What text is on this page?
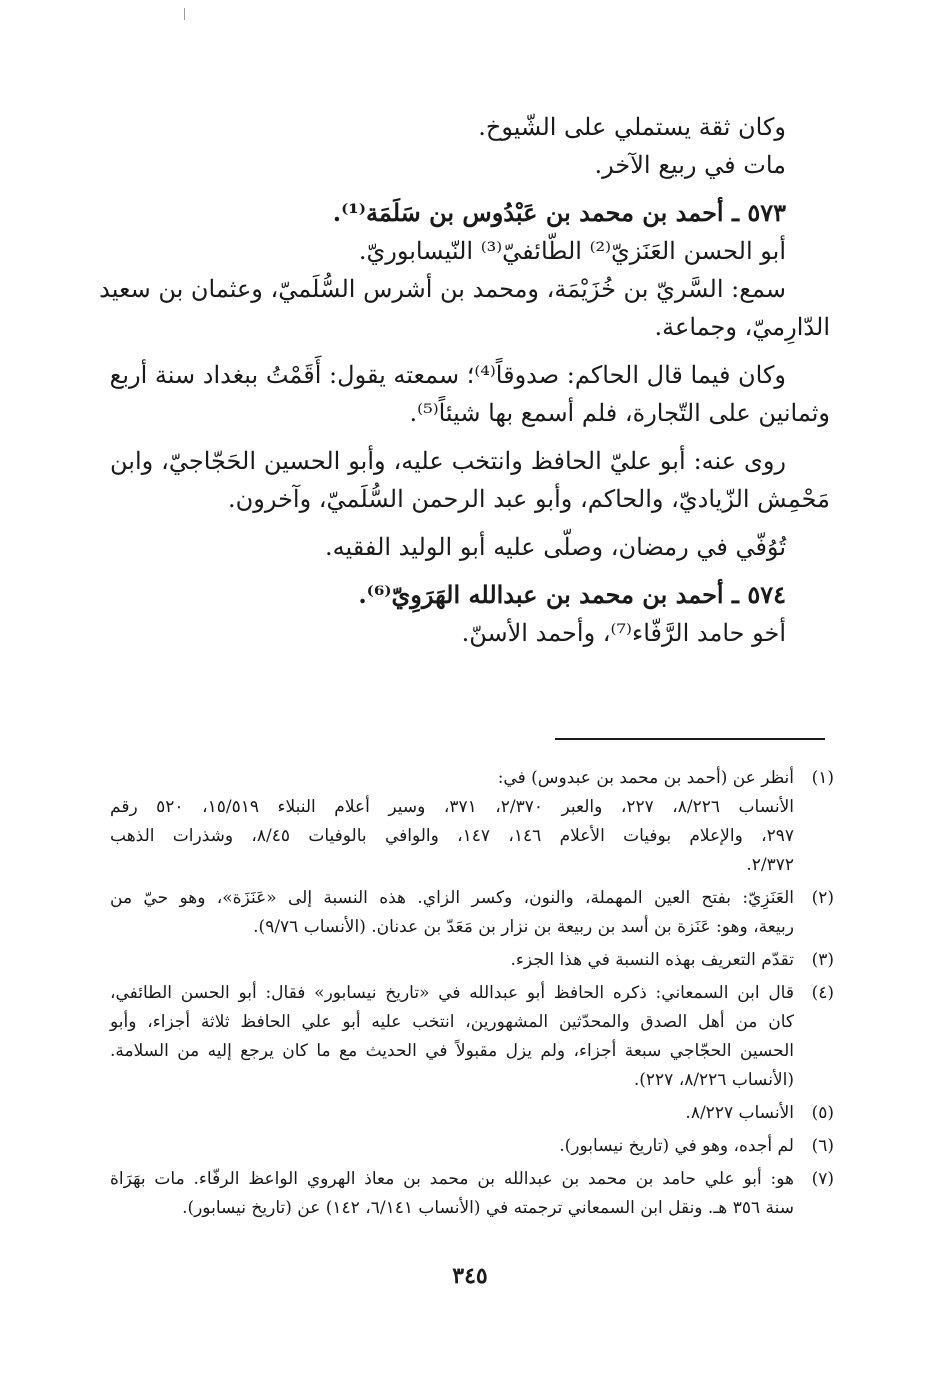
وكان ثقة يستملي على الشّيوخ.
مات في ربيع الآخر.
٥٧٣ ـ أحمد بن محمد بن عَبْدُوس بن سَلَمَة⁽¹⁾.
أبو الحسن العَنَزيّ⁽²⁾ الطّائفيّ⁽³⁾ النّيسابوريّ.
سمع: السَّريّ بن خُزَيْمَة، ومحمد بن أشرس السُّلَميّ، وعثمان بن سعيد
الدّارِميّ، وجماعة.
وكان فيما قال الحاكم: صدوقاً⁽⁴⁾؛ سمعته يقول: أَقَمْتُ ببغداد سنة أربع
وثمانين على التّجارة، فلم أسمع بها شيئاً⁽⁵⁾.
روى عنه: أبو عليّ الحافظ وانتخب عليه، وأبو الحسين الحَجّاجيّ، وابن
مَحْمِش الزّياديّ، والحاكم، وأبو عبد الرحمن السُّلَميّ، وآخرون.
تُوُفّي في رمضان، وصلّى عليه أبو الوليد الفقيه.
٥٧٤ ـ أحمد بن محمد بن عبدالله الهَرَوِيّ⁽⁶⁾.
أخو حامد الرَّفّاء⁽⁷⁾، وأحمد الأسنّ.
(١)
أنظر عن (أحمد بن محمد بن عبدوس) في:
الأنساب ٨/٢٢٦، ٢٢٧، والعبر ٢/٣٧٠، ٣٧١، وسير أعلام النبلاء ١٥/٥١٩، ٥٢٠ رقم
٢٩٧، والإعلام بوفيات الأعلام ١٤٦، ١٤٧، والوافي بالوفيات ٨/٤٥، وشذرات الذهب
٢/٣٧٢.
(٢)
العَنَزِيّ: بفتح العين المهملة، والنون، وكسر الزاي. هذه النسبة إلى «عَنَزَة»، وهو حيّ من
ربيعة، وهو: عَنَزة بن أسد بن ربيعة بن نزار بن مَعَدّ بن عدنان. (الأنساب ٩/٧٦).
(٣)
تقدّم التعريف بهذه النسبة في هذا الجزء.
(٤)
قال ابن السمعاني: ذكره الحافظ أبو عبدالله في «تاريخ نيسابور» فقال: أبو الحسن الطائفي،
كان من أهل الصدق والمحدّثين المشهورين، انتخب عليه أبو علي الحافظ ثلاثة أجزاء، وأبو
الحسين الحجّاجي سبعة أجزاء، ولم يزل مقبولاً في الحديث مع ما كان يرجع إليه من السلامة.
(الأنساب ٨/٢٢٦، ٢٢٧).
(٥)
الأنساب ٨/٢٢٧.
(٦)
لم أجده، وهو في (تاريخ نيسابور).
(٧)
هو: أبو علي حامد بن محمد بن عبدالله بن محمد بن معاذ الهروي الواعظ الرفّاء. مات بهَرَاة
سنة ٣٥٦ هـ. ونقل ابن السمعاني ترجمته في (الأنساب ٦/١٤١، ١٤٢) عن (تاريخ نيسابور).
٣٤٥
